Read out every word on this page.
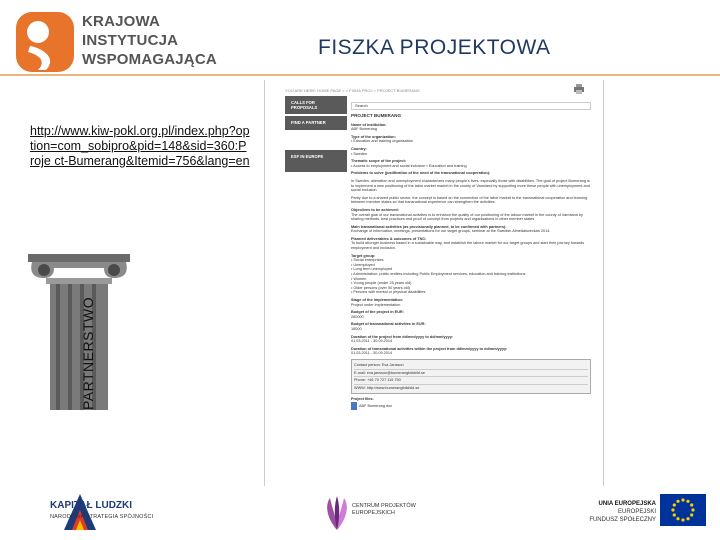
KRAJOWA
INSTYTUCJA
WSPOMAGAJĄCA
FISZKA PROJEKTOWA
http://www.kiw-pokl.org.pl/index.php?option=com_sobipro&pid=148&sid=360:Proje ct-Bumerang&Itemid=756&lang=en
PARTNERSTWO
YOU ARE HERE: HOME PAGE > > FISHA PROJ > PROJECT BUMERANG
CALLS FOR PROPOSALS
FIND A PARTNER
ESF IN EUROPE
Search
PROJECT BUMERANG
Name of institution:
ABF Bumerang
Type of the organization:
• Education and training organisation
Country:
• Sweden
Thematic scope of the project:
• Access to employment and social inclusion • Education and training
Problems to solve (justification of the need of the transnational cooperation):
In Sweden, alienation and unemployment characterizes many people's lives, especially those with disabilities. The goal of project Bumerang is to implement a new positioning of the labor market market in the county of Varmland by supporting more these people with unemployment and social inclusion.
Partly due to a shared public sector, the concept is based on the connection of the labor market to the transnational cooperation and learning between member states so that transnational experience can strengthen the activities.
Objectives to be achieved:
The overall goal of our transnational activities is to enhance the quality of our positioning of the labour market in the county of Varmland by sharing methods, best practices and proof of concept from projects and organisations in other member states.
Main transnational activities (as provisionally planned, to be confirmed with partners):
Exchange of information, meetings, presentations for our target groups, seminar at the Swedish Almedalsveckan 2014.
Planned deliverables & outcomes of TNC:
To build stronger business based in a sustainable way, and establish the labour market for our target groups and start their journey towards employment and inclusion.
Target group:
• Social enterprises
• Unemployed
• Long term unemployed
• Administration: public entities including Public Employment services, education and training institutions
• Women
• Young people (under 25 years old)
• Older persons (over 50 years old)
• Persons with mental or physical disabilities
Stage of the implementation:
Project under implementation
Budget of the project in EUR:
260000
Budget of transnational activities in EUR:
18000
Duration of the project from dd/mm/yyyy to dd/mm/yyyy:
01.03.2011 - 30.09.2014
Duration of transnational activities within the project from dd/mm/yyyy to dd/mm/yyyy:
01.03.2011 - 30.09.2014
Contact person: Eva Jansson
E-mail: eva.jansson@bumerangfolkbild.se
Phone: +46 70 727 115 750
WWW: http://www.bumerangfolkbild.se
Project files:
ABF Bumerang doc
KAPITAŁ LUDZKI
NARODOWA STRATEGIA SPÓJNOŚCI
CENTRUM PROJEKTÓW
EUROPEJSKICH
UNIA EUROPEJSKA
EUROPEJSKI
FUNDUSZ SPOŁECZNY
